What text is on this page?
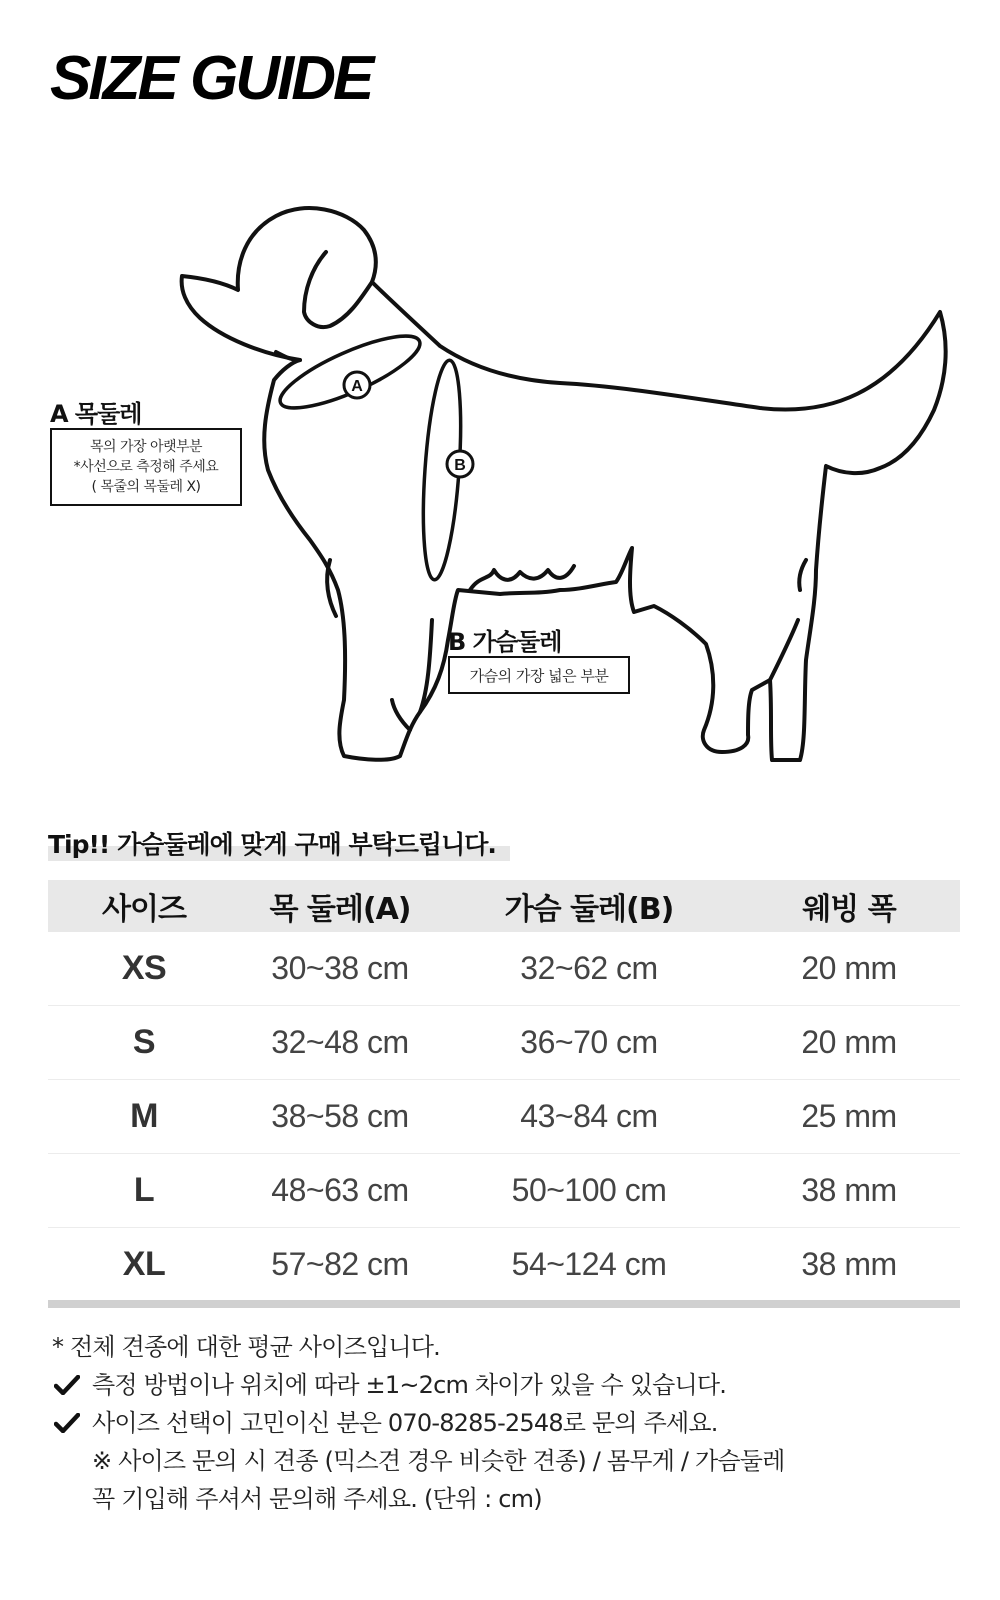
SIZE GUIDE
A
B
A 목둘레
목의 가장 아랫부분
*사선으로 측정해 주세요
( 목줄의 목둘레 X)
B 가슴둘레
가슴의 가장 넓은 부분
Tip!! 가슴둘레에 맞게 구매 부탁드립니다.
사이즈	목 둘레(A)	가슴 둘레(B)	웨빙 폭
XS	30~38 cm	32~62 cm	20 mm
S	32~48 cm	36~70 cm	20 mm
M	38~58 cm	43~84 cm	25 mm
L	48~63 cm	50~100 cm	38 mm
XL	57~82 cm	54~124 cm	38 mm
* 전체 견종에 대한 평균 사이즈입니다.
측정 방법이나 위치에 따라 ±1~2cm 차이가 있을 수 있습니다.
사이즈 선택이 고민이신 분은 070-8285-2548로 문의 주세요.
※ 사이즈 문의 시 견종 (믹스견 경우 비슷한 견종) / 몸무게 / 가슴둘레
꼭 기입해 주셔서 문의해 주세요. (단위 : cm)
